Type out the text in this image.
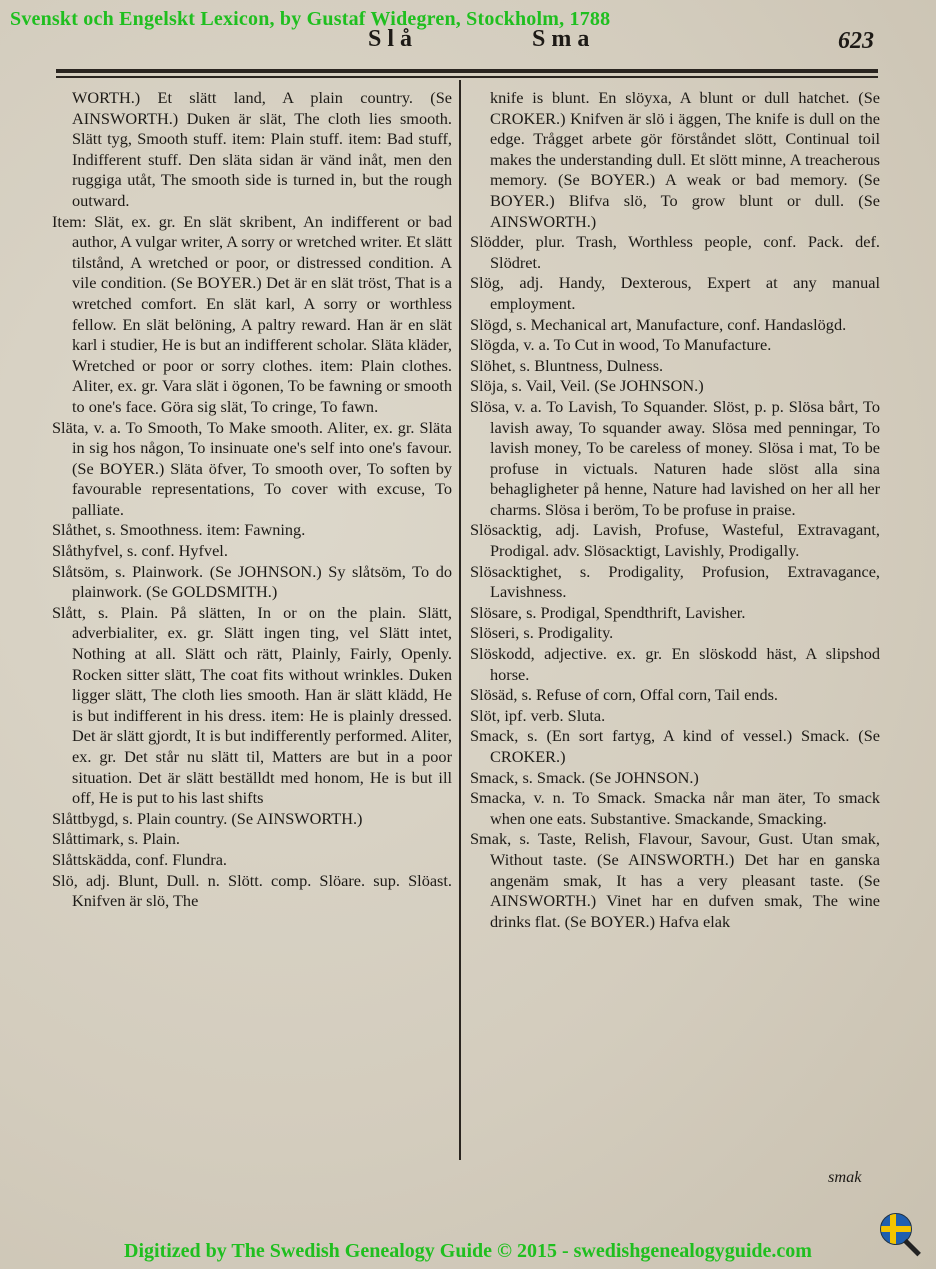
Svenskt och Engelskt Lexicon, by Gustaf Widegren, Stockholm, 1788
Slå	Sma	623

WORTH.) Et slätt land, A plain country. (Se AINSWORTH.) Duken är slät, The cloth lies smooth. Slätt tyg, Smooth stuff. item: Plain stuff. item: Bad stuff, Indifferent stuff. Den släta sidan är vänd inåt, men den ruggiga utåt, The smooth side is turned in, but the rough outward.

Item: Slät, ex. gr. En slät skribent, An indifferent or bad author, A vulgar writer, A sorry or wretched writer. Et slätt tilstånd, A wretched or poor, or distressed condition. A vile condition. (Se BOYER.) Det är en slät tröst, That is a wretched comfort. En slät karl, A sorry or worthless fellow. En slät belöning, A paltry reward. Han är en slät karl i studier, He is but an indifferent scholar. Släta kläder, Wretched or poor or sorry clothes. item: Plain clothes. Aliter, ex. gr. Vara slät i ögonen, To be fawning or smooth to one's face. Göra sig slät, To cringe, To fawn.

Släta, v. a. To Smooth, To Make smooth. Aliter, ex. gr. Släta in sig hos någon, To insinuate one's self into one's favour. (Se BOYER.) Släta öfver, To smooth over, To soften by favourable representations, To cover with excuse, To palliate.

Slåthet, s. Smoothness. item: Fawning.

Slåthyfvel, s. conf. Hyfvel.

Slåtsöm, s. Plainwork. (Se JOHNSON.) Sy slåtsöm, To do plainwork. (Se GOLDSMITH.)

Slått, s. Plain. På slätten, In or on the plain. Slätt, adverbialiter, ex. gr. Slätt ingen ting, vel Slätt intet, Nothing at all. Slätt och rätt, Plainly, Fairly, Openly. Rocken sitter slätt, The coat fits without wrinkles. Duken ligger slätt, The cloth lies smooth. Han är slätt klädd, He is but indifferent in his dress. item: He is plainly dressed. Det är slätt gjordt, It is but indifferently performed. Aliter, ex. gr. Det står nu slätt til, Matters are but in a poor situation. Det är slätt beställdt med honom, He is but ill off, He is put to his last shifts

Slåttbygd, s. Plain country. (Se AINSWORTH.)

Slåttimark, s. Plain.

Slåttskädda, conf. Flundra.

Slö, adj. Blunt, Dull. n. Slött. comp. Slöare. sup. Slöast. Knifven är slö, The

knife is blunt. En slöyxa, A blunt or dull hatchet. (Se CROKER.) Knifven är slö i äggen, The knife is dull on the edge. Trågget arbete gör förståndet slött, Continual toil makes the understanding dull. Et slött minne, A treacherous memory. (Se BOYER.) A weak or bad memory. (Se BOYER.) Blifva slö, To grow blunt or dull. (Se AINSWORTH.)

Slödder, plur. Trash, Worthless people, conf. Pack. def. Slödret.

Slög, adj. Handy, Dexterous, Expert at any manual employment.

Slögd, s. Mechanical art, Manufacture, conf. Handaslögd.

Slögda, v. a. To Cut in wood, To Manufacture.

Slöhet, s. Bluntness, Dulness.

Slöja, s. Vail, Veil. (Se JOHNSON.)

Slösa, v. a. To Lavish, To Squander. Slöst, p. p. Slösa bårt, To lavish away, To squander away. Slösa med penningar, To lavish money, To be careless of money. Slösa i mat, To be profuse in victuals. Naturen hade slöst alla sina behagligheter på henne, Nature had lavished on her all her charms. Slösa i beröm, To be profuse in praise.

Slösacktig, adj. Lavish, Profuse, Wasteful, Extravagant, Prodigal. adv. Slösacktigt, Lavishly, Prodigally.

Slösacktighet, s. Prodigality, Profusion, Extravagance, Lavishness.

Slösare, s. Prodigal, Spendthrift, Lavisher.

Slöseri, s. Prodigality.

Slöskodd, adjective. ex. gr. En slöskodd häst, A slipshod horse.

Slösäd, s. Refuse of corn, Offal corn, Tail ends.

Slöt, ipf. verb. Sluta.

Smack, s. (En sort fartyg, A kind of vessel.) Smack. (Se CROKER.)

Smack, s. Smack. (Se JOHNSON.)

Smacka, v. n. To Smack. Smacka når man äter, To smack when one eats. Substantive. Smackande, Smacking.

Smak, s. Taste, Relish, Flavour, Savour, Gust. Utan smak, Without taste. (Se AINSWORTH.) Det har en ganska angenäm smak, It has a very pleasant taste. (Se AINSWORTH.) Vinet har en dufven smak, The wine drinks flat. (Se BOYER.) Hafva elak

smak
Digitized by The Swedish Genealogy Guide © 2015 - swedishgenealogyguide.com
